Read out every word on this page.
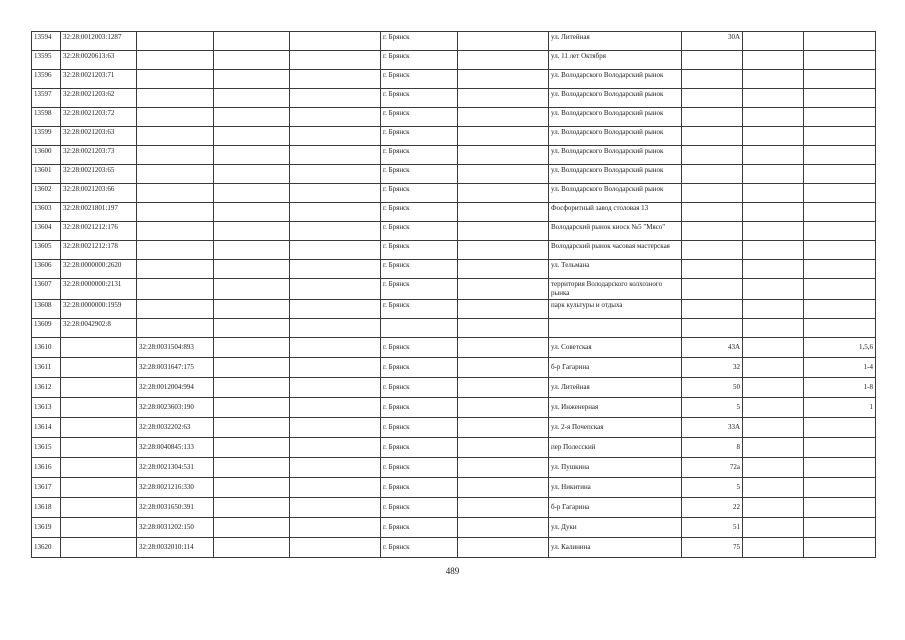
13594	32:28:0012003:1287				г. Брянск		ул. Литейная	30А		
13595	32:28:0020613:63				г. Брянск		ул. 11 лет Октября			
13596	32:28:0021203:71				г. Брянск		ул. Володарского Володарский рынок			
13597	32:28:0021203:62				г. Брянск		ул. Володарского Володарский рынок			
13598	32:28:0021203:72				г. Брянск		ул. Володарского Володарский рынок			
13599	32:28:0021203:63				г. Брянск		ул. Володарского Володарский рынок			
13600	32:28:0021203:73				г. Брянск		ул. Володарского Володарский рынок			
13601	32:28:0021203:65				г. Брянск		ул. Володарского Володарский рынок			
13602	32:28:0021203:66				г. Брянск		ул. Володарского Володарский рынок			
13603	32:28:0021801:197				г. Брянск		Фосфоритный завод столовая 13			
13604	32:28:0021212:176				г. Брянск		Володарский рынок киоск №5 "Мясо"			
13605	32:28:0021212:178				г. Брянск		Володарский рынок часовая мастерская			
13606	32:28:0000000:2620				г. Брянск		ул. Тельмана			
13607	32:28:0000000:2131				г. Брянск		территория Володарского колхозного рынка			
13608	32:28:0000000:1959				г. Брянск		парк культуры и отдыха			
13609	32:28:0042902:8									
13610		32:28:0031504:893			г. Брянск		ул. Советская	43А		1,5,6
13611		32:28:0031647:175			г. Брянск		б-р Гагарина	32		1-4
13612		32:28:0012004:994			г. Брянск		ул. Литейная	50		1-8
13613		32:28:0023603:190			г. Брянск		ул. Инженерная	5		1
13614		32:28:0032202:63			г. Брянск		ул. 2-я Почепская	33А		
13615		32:28:0040845:133			г. Брянск		пер Полесский	8		
13616		32:28:0021304:531			г. Брянск		ул. Пушкина	72а		
13617		32:28:0021216:330			г. Брянск		ул. Никитина	5		
13618		32:28:0031650:391			г. Брянск		б-р Гагарина	22		
13619		32:28:0031202:150			г. Брянск		ул. Дуки	51		
13620		32:28:0032010:114			г. Брянск		ул. Калинина	75		
489
